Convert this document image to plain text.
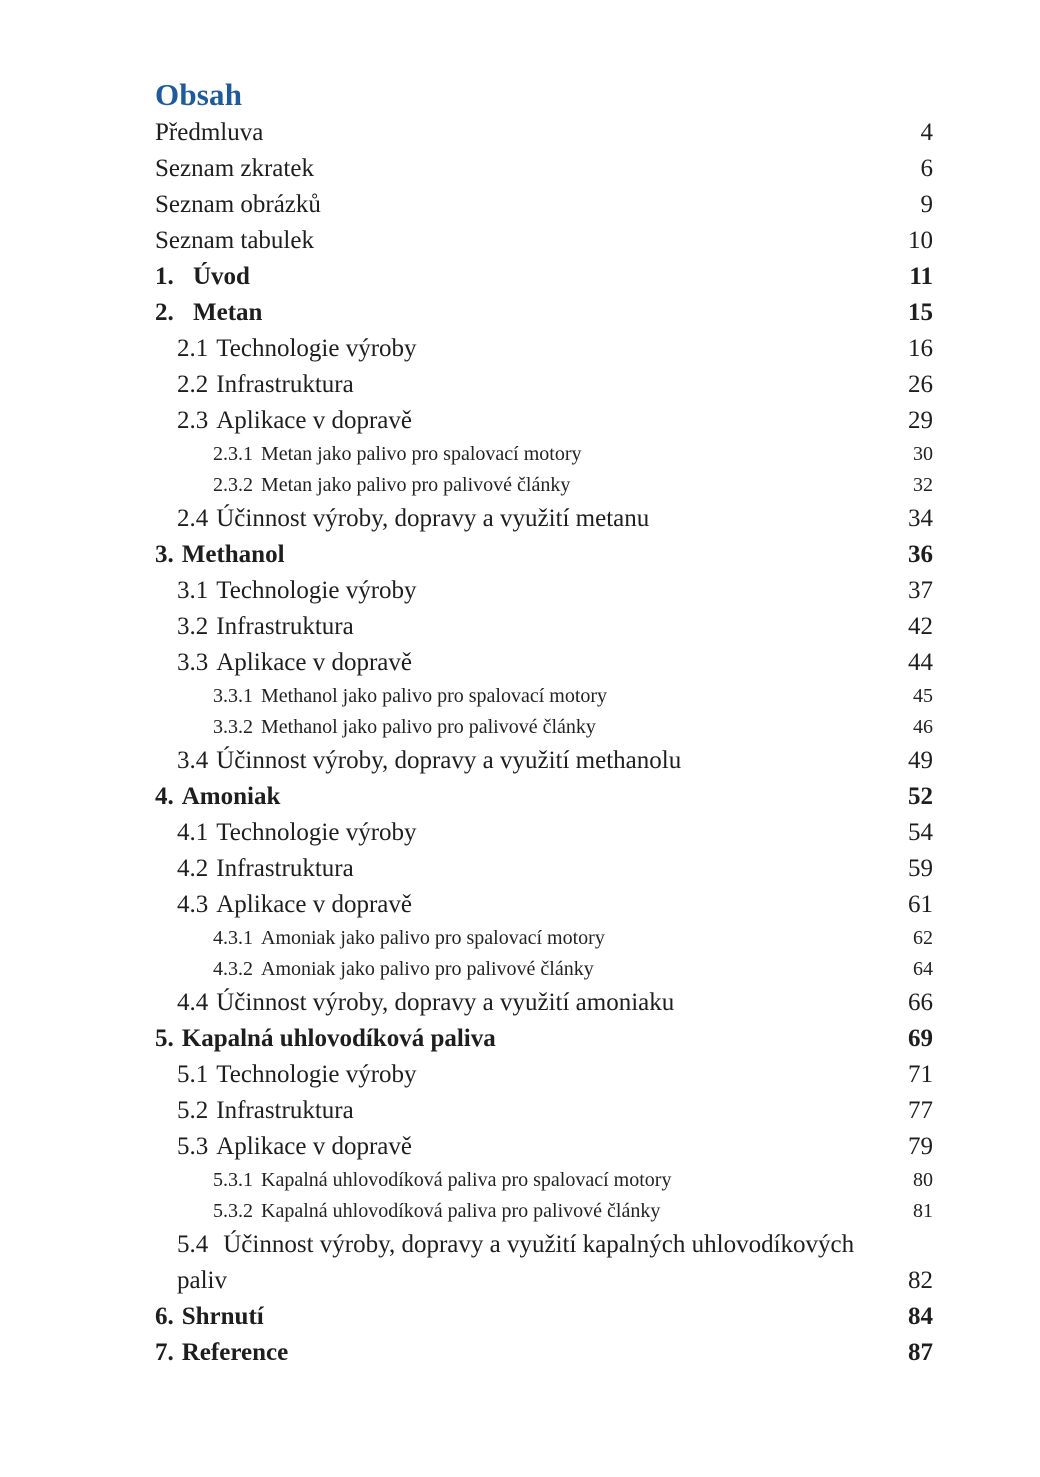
Obsah
Předmluva	4
Seznam zkratek	6
Seznam obrázků	9
Seznam tabulek	10
1. Úvod	11
2. Metan	15
2.1 Technologie výroby	16
2.2 Infrastruktura	26
2.3 Aplikace v dopravě	29
2.3.1 Metan jako palivo pro spalovací motory	30
2.3.2 Metan jako palivo pro palivové články	32
2.4 Účinnost výroby, dopravy a využití metanu	34
3. Methanol	36
3.1 Technologie výroby	37
3.2 Infrastruktura	42
3.3 Aplikace v dopravě	44
3.3.1 Methanol jako palivo pro spalovací motory	45
3.3.2 Methanol jako palivo pro palivové články	46
3.4 Účinnost výroby, dopravy a využití methanolu	49
4. Amoniak	52
4.1 Technologie výroby	54
4.2 Infrastruktura	59
4.3 Aplikace v dopravě	61
4.3.1 Amoniak jako palivo pro spalovací motory	62
4.3.2 Amoniak jako palivo pro palivové články	64
4.4 Účinnost výroby, dopravy a využití amoniaku	66
5. Kapalná uhlovodíková paliva	69
5.1 Technologie výroby	71
5.2 Infrastruktura	77
5.3 Aplikace v dopravě	79
5.3.1 Kapalná uhlovodíková paliva pro spalovací motory	80
5.3.2 Kapalná uhlovodíková paliva pro palivové články	81
5.4 Účinnost výroby, dopravy a využití kapalných uhlovodíkových
paliv	82
6. Shrnutí	84
7. Reference	87
